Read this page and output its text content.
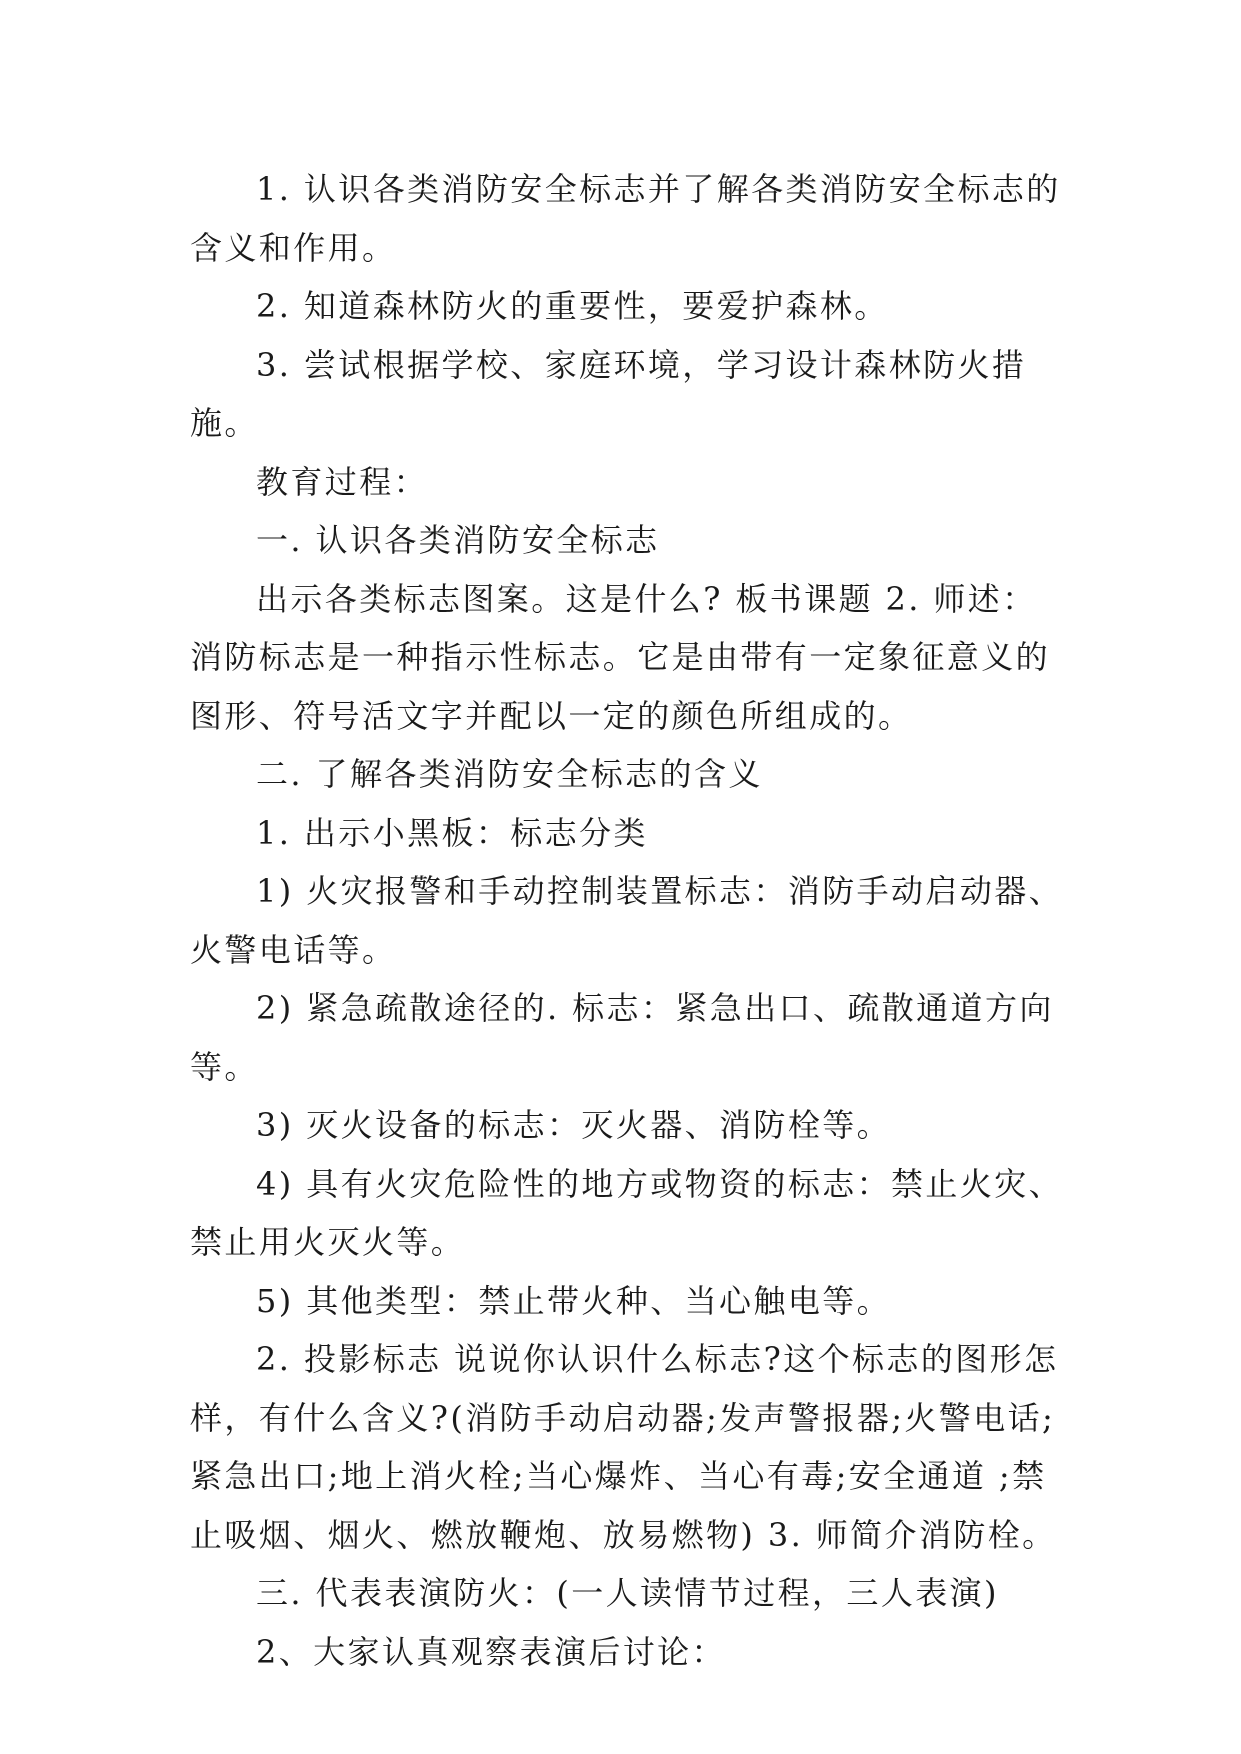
1. 认识各类消防安全标志并了解各类消防安全标志的含义和作用。

2. 知道森林防火的重要性，要爱护森林。

3. 尝试根据学校、家庭环境，学习设计森林防火措施。

教育过程：

一. 认识各类消防安全标志

出示各类标志图案。这是什么? 板书课题 2. 师述：消防标志是一种指示性标志。它是由带有一定象征意义的图形、符号活文字并配以一定的颜色所组成的。

二. 了解各类消防安全标志的含义

1. 出示小黑板：标志分类

1) 火灾报警和手动控制装置标志：消防手动启动器、火警电话等。

2) 紧急疏散途径的. 标志：紧急出口、疏散通道方向等。

3) 灭火设备的标志：灭火器、消防栓等。

4) 具有火灾危险性的地方或物资的标志：禁止火灾、禁止用火灭火等。

5) 其他类型：禁止带火种、当心触电等。

2. 投影标志 说说你认识什么标志?这个标志的图形怎样，有什么含义?(消防手动启动器;发声警报器;火警电话;紧急出口;地上消火栓;当心爆炸、当心有毒;安全通道 ;禁止吸烟、烟火、燃放鞭炮、放易燃物) 3. 师简介消防栓。

三. 代表表演防火：(一人读情节过程，三人表演)

2、大家认真观察表演后讨论：
